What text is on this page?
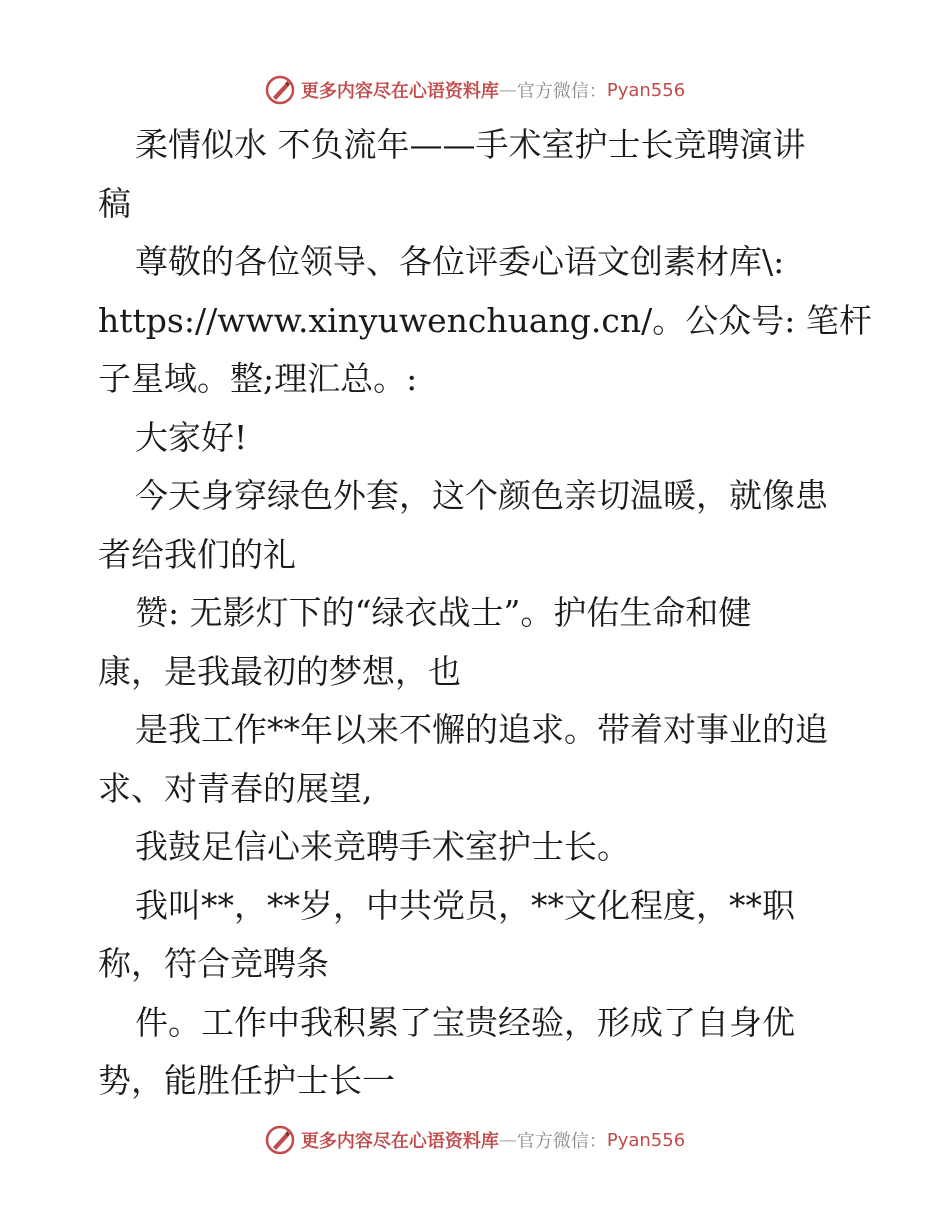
更多内容尽在心语资料库 — 官方微信： Pyan556
柔情似水 不负流年——手术室护士长竞聘演讲
稿
尊敬的各位领导、各位评委心语文创素材库\:
https://www.xinyuwenchuang.cn/。公众号: 笔杆
子星域。整;理汇总。:
大家好!
今天身穿绿色外套，这个颜色亲切温暖，就像患
者给我们的礼
赞: 无影灯下的“绿衣战士”。护佑生命和健
康，是我最初的梦想，也
是我工作**年以来不懈的追求。带着对事业的追
求、对青春的展望,
我鼓足信心来竞聘手术室护士长。
我叫**，**岁，中共党员，**文化程度，**职
称，符合竞聘条
件。工作中我积累了宝贵经验，形成了自身优
势，能胜任护士长一
更多内容尽在心语资料库 — 官方微信： Pyan556
